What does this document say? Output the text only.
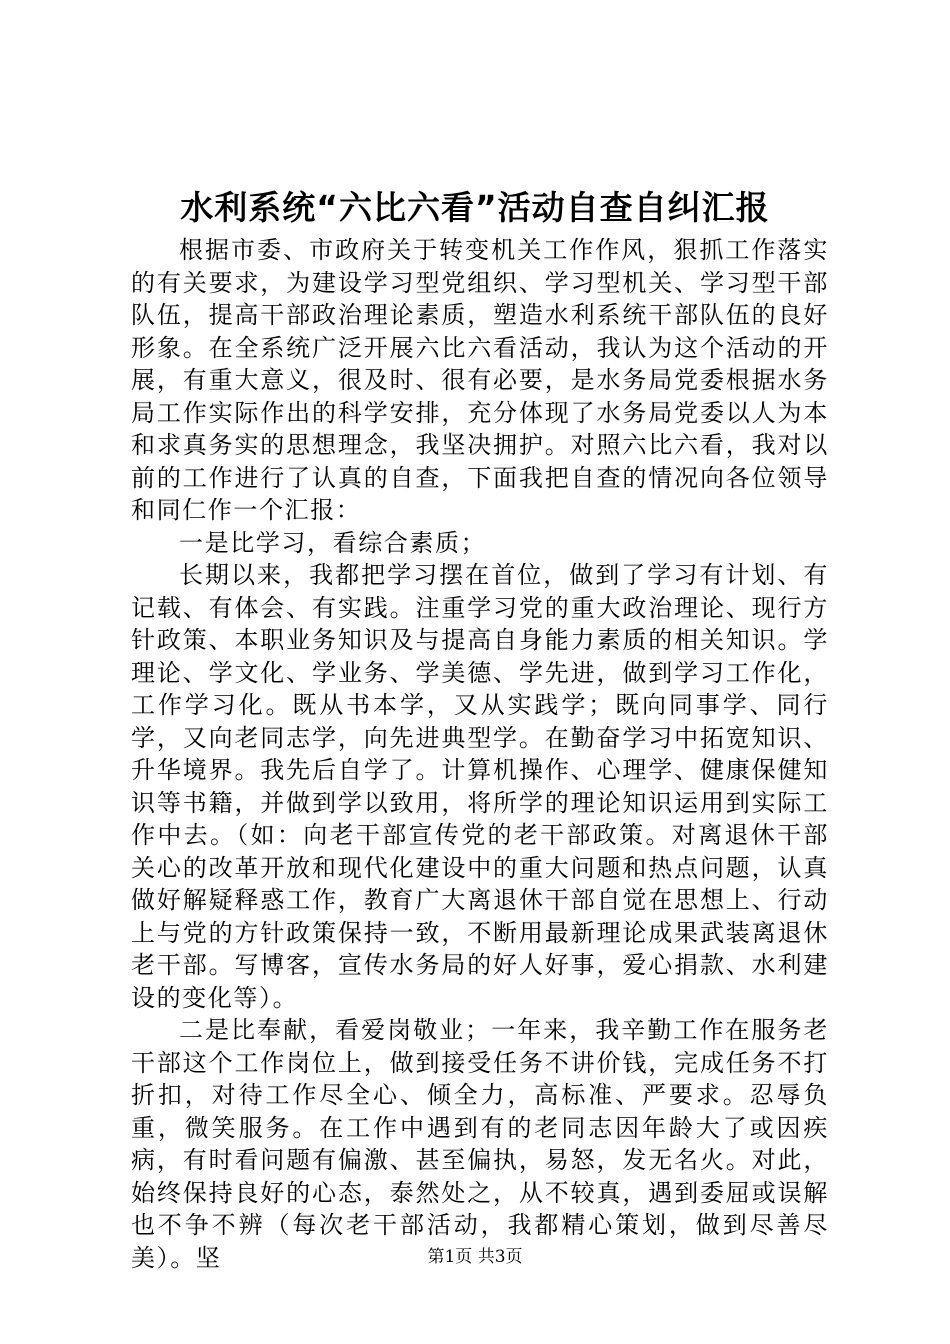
水利系统“六比六看”活动自查自纠汇报

根据市委、市政府关于转变机关工作作风，狠抓工作落实的有关要求，为建设学习型党组织、学习型机关、学习型干部队伍，提高干部政治理论素质，塑造水利系统干部队伍的良好形象。在全系统广泛开展六比六看活动，我认为这个活动的开展，有重大意义，很及时、很有必要，是水务局党委根据水务局工作实际作出的科学安排，充分体现了水务局党委以人为本和求真务实的思想理念，我坚决拥护。对照六比六看，我对以前的工作进行了认真的自查，下面我把自查的情况向各位领导和同仁作一个汇报：

一是比学习，看综合素质；

长期以来，我都把学习摆在首位，做到了学习有计划、有记载、有体会、有实践。注重学习党的重大政治理论、现行方针政策、本职业务知识及与提高自身能力素质的相关知识。学理论、学文化、学业务、学美德、学先进，做到学习工作化，工作学习化。既从书本学，又从实践学；既向同事学、同行学，又向老同志学，向先进典型学。在勤奋学习中拓宽知识、升华境界。我先后自学了。计算机操作、心理学、健康保健知识等书籍，并做到学以致用，将所学的理论知识运用到实际工作中去。（如：向老干部宣传党的老干部政策。对离退休干部关心的改革开放和现代化建设中的重大问题和热点问题，认真做好解疑释惑工作，教育广大离退休干部自觉在思想上、行动上与党的方针政策保持一致，不断用最新理论成果武装离退休老干部。写博客，宣传水务局的好人好事，爱心捐款、水利建设的变化等）。

二是比奉献，看爱岗敬业；一年来，我辛勤工作在服务老干部这个工作岗位上，做到接受任务不讲价钱，完成任务不打折扣，对待工作尽全心、倾全力，高标准、严要求。忍辱负重，微笑服务。在工作中遇到有的老同志因年龄大了或因疾病，有时看问题有偏激、甚至偏执，易怒，发无名火。对此，始终保持良好的心态，泰然处之，从不较真，遇到委屈或误解也不争不辨（每次老干部活动，我都精心策划，做到尽善尽美）。坚	第1页 共3页
